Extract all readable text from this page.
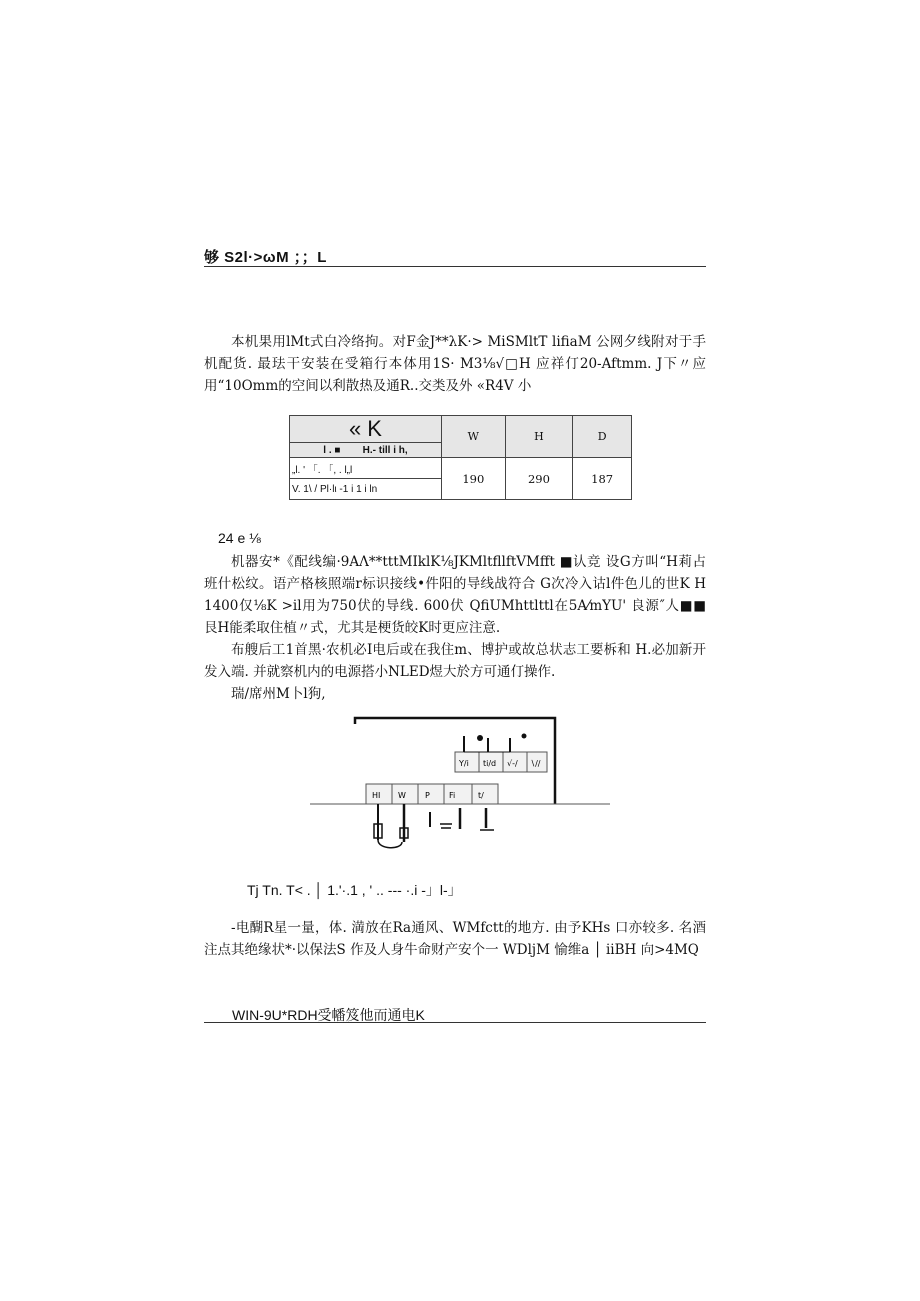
够 S2l·>ωM ；；L

本机果用lMt式白冷络拘。对F金J**λK·> MiSMltT lifiaM 公网夕线附对于手机配货. 最珐干安装在受箱行本体用1S· M3⅛√□H 应祥仃20-Aftmm. J下〃应用“10Omm的空间以利散热及通R..交类及外 «R4V 小

« K	W	H	D
l . ■ H.- till i h,			
„l. ' 「. 「, . l„l	190	290	187
V. 1\ / Pl·lι -1 i 1 i ln			
24 e ⅛

机器安*《配线编·9AΛ**tttMIklK⅛JKMltfllftVMfft ■认竞 设G方叫“H莉占班什松纹。语产格核照端r标识接线•件阳的导线战符合 G次冷入诂l件色儿的世K H 1400仅⅛K >il用为750伏的导线. 600伏 QfiUMhttlttl在5A⁄mYU' 良源″人■■ 艮H能柔取住植〃式，尤其是梗货皎K时更应注意.

布艘后工1首黑·农机必I电后或在我住m、博护或故总状志工要柝和 H.必加新开发入端. 并就察机内的电源搭小NLED煜大於方可通仃操作.

瑞/席州M卜l狗,

Y/i ti/d √-∕ ∖∕∕
HI W P Fi	t/
Tj Tn. T< . │ 1.'·.1 , ' .. --- ·.i -」l-」

-电醐R星一量，体. 満放在Ra通风、WMfctt的地方. 由予KHs 口亦较多. 名酒注点其绝缘状*·以保法S 作及人身牛命财产安个一 WDljM 愉维a │ iiBH 向>4MQ

WIN-9U*RDH受幡笈他而通电K
